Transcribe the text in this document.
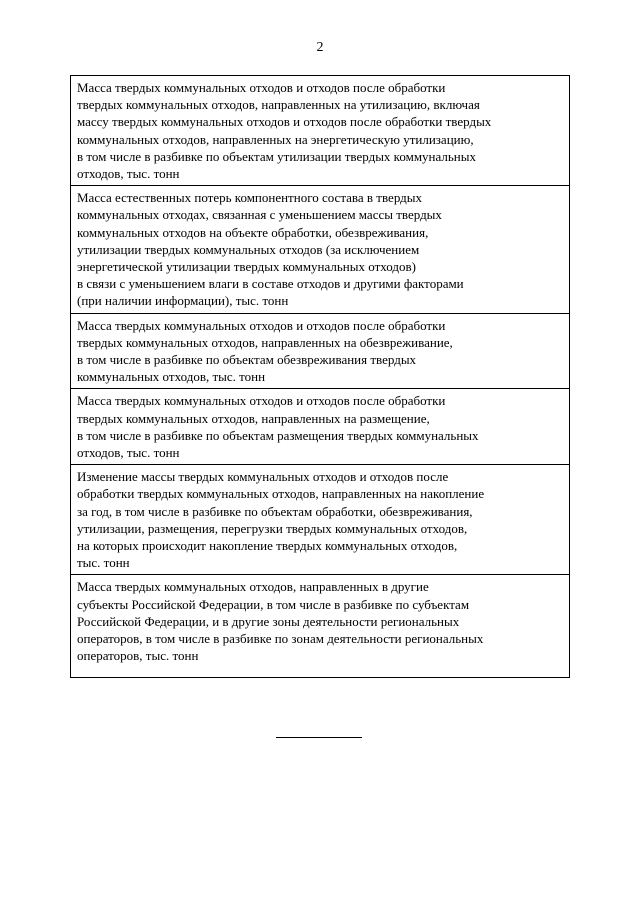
2
Масса твердых коммунальных отходов и отходов после обработки
твердых коммунальных отходов, направленных на утилизацию, включая
массу твердых коммунальных отходов и отходов после обработки твердых
коммунальных отходов, направленных на энергетическую утилизацию,
в том числе в разбивке по объектам утилизации твердых коммунальных
отходов, тыс. тонн
Масса естественных потерь компонентного состава в твердых
коммунальных отходах, связанная с уменьшением массы твердых
коммунальных отходов на объекте обработки, обезвреживания,
утилизации твердых коммунальных отходов (за исключением
энергетической утилизации твердых коммунальных отходов)
в связи с уменьшением влаги в составе отходов и другими факторами
(при наличии информации), тыс. тонн
Масса твердых коммунальных отходов и отходов после обработки
твердых коммунальных отходов, направленных на обезвреживание,
в том числе в разбивке по объектам обезвреживания твердых
коммунальных отходов, тыс. тонн
Масса твердых коммунальных отходов и отходов после обработки
твердых коммунальных отходов, направленных на размещение,
в том числе в разбивке по объектам размещения твердых коммунальных
отходов, тыс. тонн
Изменение массы твердых коммунальных отходов и отходов после
обработки твердых коммунальных отходов, направленных на накопление
за год, в том числе в разбивке по объектам обработки, обезвреживания,
утилизации, размещения, перегрузки твердых коммунальных отходов,
на которых происходит накопление твердых коммунальных отходов,
тыс. тонн
Масса твердых коммунальных отходов, направленных в другие
субъекты Российской Федерации, в том числе в разбивке по субъектам
Российской Федерации, и в другие зоны деятельности региональных
операторов, в том числе в разбивке по зонам деятельности региональных
операторов, тыс. тонн
